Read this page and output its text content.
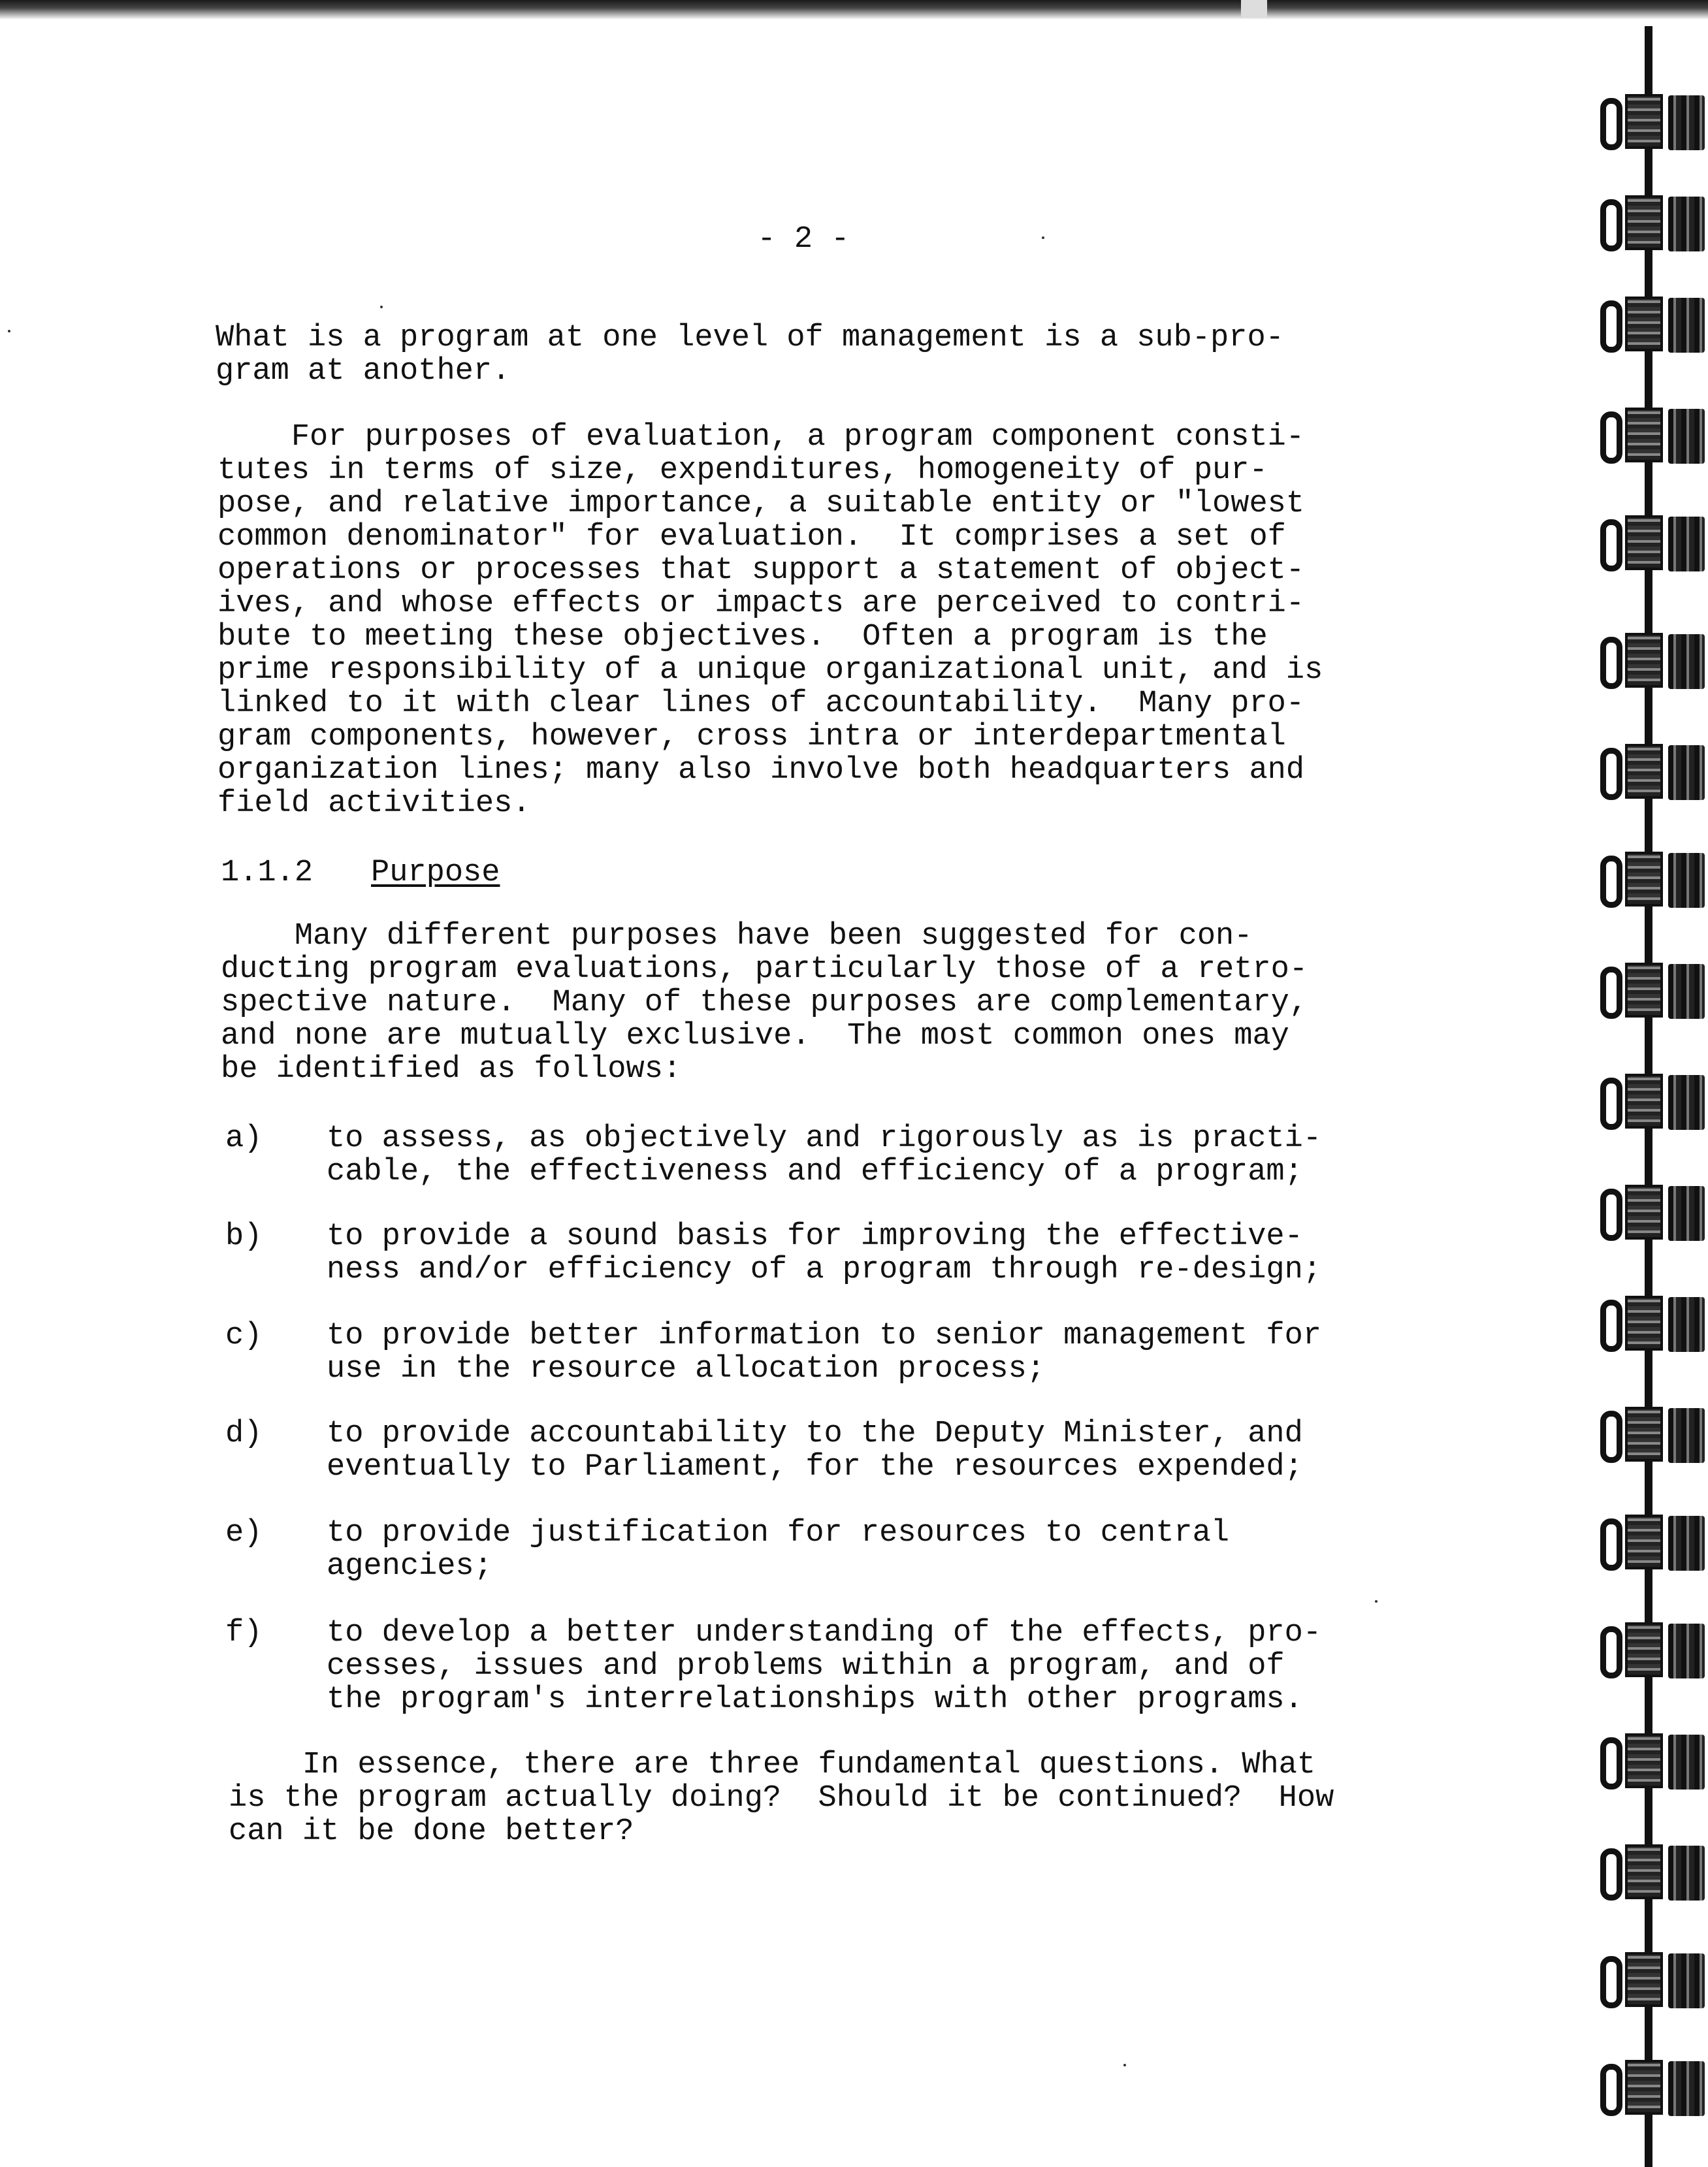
- 2 -

What is a program at one level of management is a sub-pro-
gram at another.

For purposes of evaluation, a program component consti-
tutes in terms of size, expenditures, homogeneity of pur-
pose, and relative importance, a suitable entity or "lowest
common denominator" for evaluation.  It comprises a set of
operations or processes that support a statement of object-
ives, and whose effects or impacts are perceived to contri-
bute to meeting these objectives.  Often a program is the
prime responsibility of a unique organizational unit, and is
linked to it with clear lines of accountability.  Many pro-
gram components, however, cross intra or interdepartmental
organization lines; many also involve both headquarters and
field activities.

1.1.2 Purpose

Many different purposes have been suggested for con-
ducting program evaluations, particularly those of a retro-
spective nature.  Many of these purposes are complementary,
and none are mutually exclusive.  The most common ones may
be identified as follows:

a) to assess, as objectively and rigorously as is practi-
cable, the effectiveness and efficiency of a program;

b) to provide a sound basis for improving the effective-
ness and/or efficiency of a program through re-design;

c) to provide better information to senior management for
use in the resource allocation process;

d) to provide accountability to the Deputy Minister, and
eventually to Parliament, for the resources expended;

e) to provide justification for resources to central
agencies;

f) to develop a better understanding of the effects, pro-
cesses, issues and problems within a program, and of
the program's interrelationships with other programs.

In essence, there are three fundamental questions. What
is the program actually doing?  Should it be continued?  How
can it be done better?
